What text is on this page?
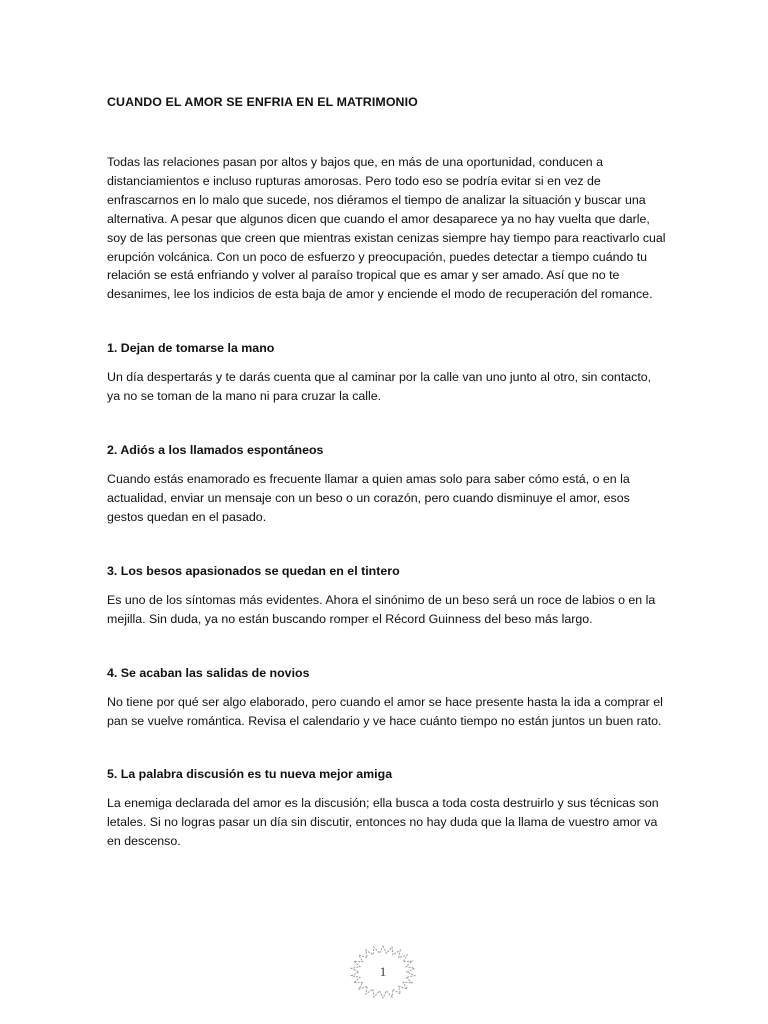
CUANDO EL AMOR SE ENFRIA EN EL MATRIMONIO

Todas las relaciones pasan por altos y bajos que, en más de una oportunidad, conducen a distanciamientos e incluso rupturas amorosas. Pero todo eso se podría evitar si en vez de enfrascarnos en lo malo que sucede, nos diéramos el tiempo de analizar la situación y buscar una alternativa. A pesar que algunos dicen que cuando el amor desaparece ya no hay vuelta que darle, soy de las personas que creen que mientras existan cenizas siempre hay tiempo para reactivarlo cual erupción volcánica. Con un poco de esfuerzo y preocupación, puedes detectar a tiempo cuándo tu relación se está enfriando y volver al paraíso tropical que es amar y ser amado. Así que no te desanimes, lee los indicios de esta baja de amor y enciende el modo de recuperación del romance.

1. Dejan de tomarse la mano

Un día despertarás y te darás cuenta que al caminar por la calle van uno junto al otro, sin contacto, ya no se toman de la mano ni para cruzar la calle.

2. Adiós a los llamados espontáneos

Cuando estás enamorado es frecuente llamar a quien amas solo para saber cómo está, o en la actualidad, enviar un mensaje con un beso o un corazón, pero cuando disminuye el amor, esos gestos quedan en el pasado.

3. Los besos apasionados se quedan en el tintero

Es uno de los síntomas más evidentes. Ahora el sinónimo de un beso será un roce de labios o en la mejilla. Sin duda, ya no están buscando romper el Récord Guinness del beso más largo.

4. Se acaban las salidas de novios

No tiene por qué ser algo elaborado, pero cuando el amor se hace presente hasta la ida a comprar el pan se vuelve romántica. Revisa el calendario y ve hace cuánto tiempo no están juntos un buen rato.

5. La palabra discusión es tu nueva mejor amiga

La enemiga declarada del amor es la discusión; ella busca a toda costa destruirlo y sus técnicas son letales. Si no logras pasar un día sin discutir, entonces no hay duda que la llama de vuestro amor va en descenso.

1
